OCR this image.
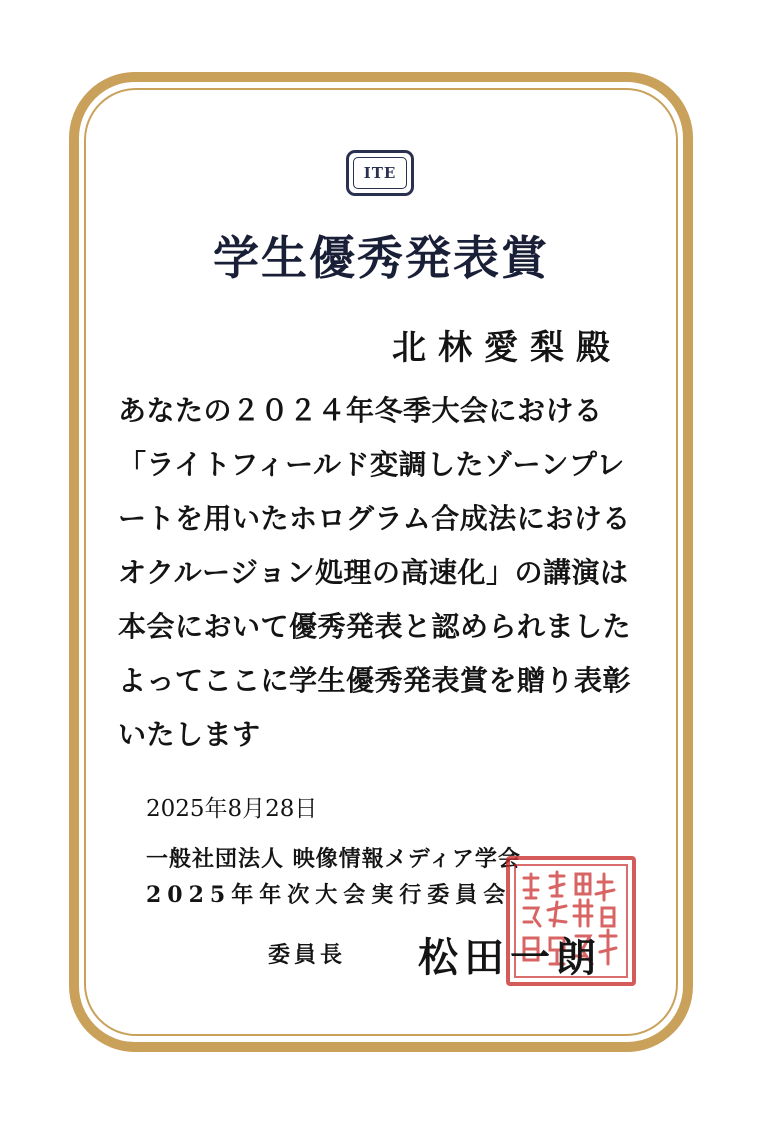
ITE
学生優秀発表賞
北林愛梨殿
あなたの２０２４年冬季大会における
「ライトフィールド変調したゾーンプレ
ートを用いたホログラム合成法における
オクルージョン処理の高速化」の講演は
本会において優秀発表と認められました
よってここに学生優秀発表賞を贈り表彰
いたします
2025年8月28日
一般社団法人 映像情報メディア学会
2025年年次大会実行委員会
委員長 松田一朗
